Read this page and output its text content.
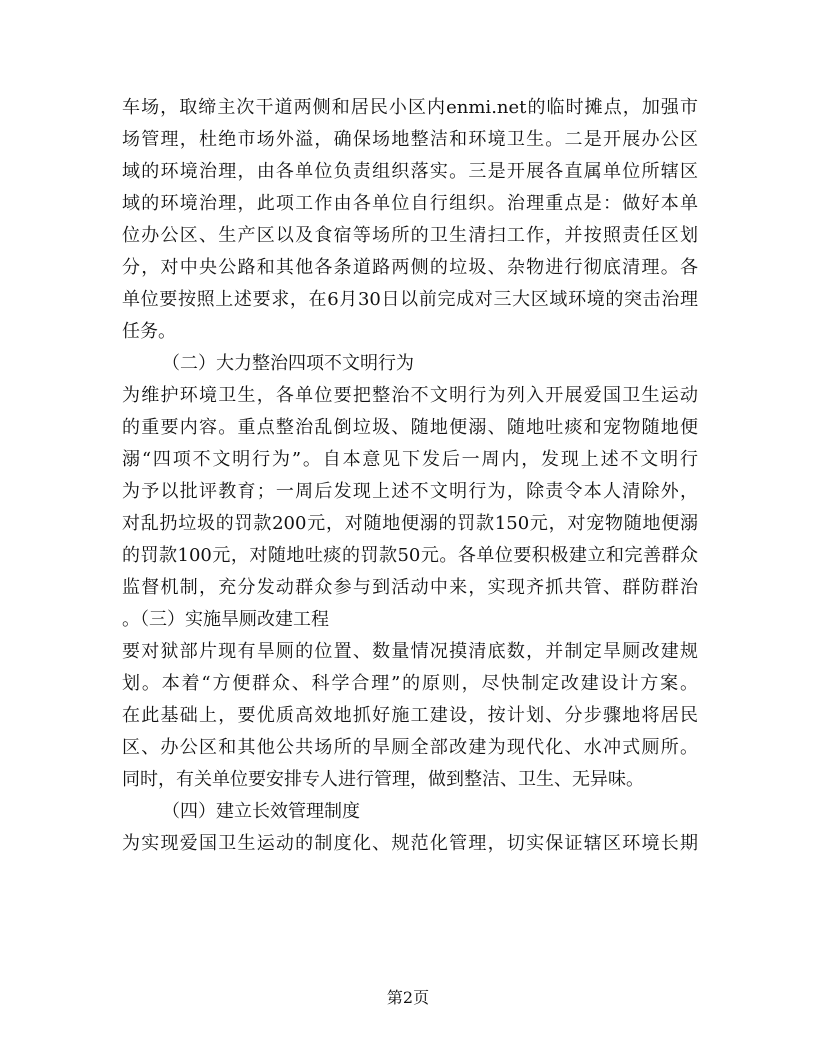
车场，取缔主次干道两侧和居民小区内enmi.net的临时摊点，加强市
场管理，杜绝市场外溢，确保场地整洁和环境卫生。二是开展办公区
域的环境治理，由各单位负责组织落实。三是开展各直属单位所辖区
域的环境治理，此项工作由各单位自行组织。治理重点是：做好本单
位办公区、生产区以及食宿等场所的卫生清扫工作，并按照责任区划
分，对中央公路和其他各条道路两侧的垃圾、杂物进行彻底清理。各
单位要按照上述要求，在6月30日以前完成对三大区域环境的突击治理
任务。
（二）大力整治四项不文明行为
为维护环境卫生，各单位要把整治不文明行为列入开展爱国卫生运动
的重要内容。重点整治乱倒垃圾、随地便溺、随地吐痰和宠物随地便
溺“四项不文明行为”。自本意见下发后一周内，发现上述不文明行
为予以批评教育；一周后发现上述不文明行为，除责令本人清除外，
对乱扔垃圾的罚款200元，对随地便溺的罚款150元，对宠物随地便溺
的罚款100元，对随地吐痰的罚款50元。各单位要积极建立和完善群众
监督机制，充分发动群众参与到活动中来，实现齐抓共管、群防群治
。（三）实施旱厕改建工程
要对狱部片现有旱厕的位置、数量情况摸清底数，并制定旱厕改建规
划。本着“方便群众、科学合理”的原则，尽快制定改建设计方案。
在此基础上，要优质高效地抓好施工建设，按计划、分步骤地将居民
区、办公区和其他公共场所的旱厕全部改建为现代化、水冲式厕所。
同时，有关单位要安排专人进行管理，做到整洁、卫生、无异味。
（四）建立长效管理制度
为实现爱国卫生运动的制度化、规范化管理，切实保证辖区环境长期
第2页
